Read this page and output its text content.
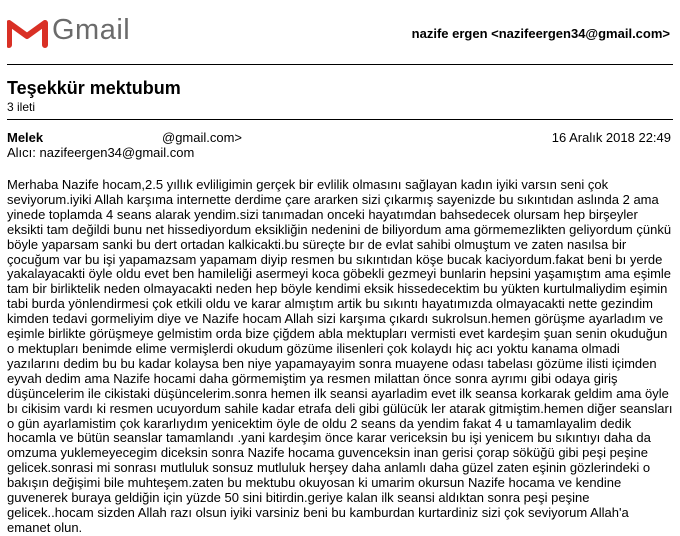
Gmail	nazife ergen <nazifeergen34@gmail.com>
Teşekkür mektubum
3 ileti
Melek	@gmail.com>	16 Aralık 2018 22:49
Alıcı: nazifeergen34@gmail.com

Merhaba Nazife hocam,2.5 yıllık evliligimin gerçek bir evlilik olmasını sağlayan kadın iyiki varsın seni çok seviyorum.iyiki Allah karşıma internette derdime çare ararken sizi çıkarmış sayenizde bu sıkıntıdan aslında 2 ama yinede toplamda 4 seans alarak yendim.sizi tanımadan onceki hayatımdan bahsedecek olursam hep birşeyler eksikti tam değildi bunu net hissediyordum eksikliğin nedenini de biliyordum ama görmemezlikten geliyordum çünkü böyle yaparsam sanki bu dert ortadan kalkicakti.bu süreçte bır de evlat sahibi olmuştum ve zaten nasılsa bir çocuğum var bu işi yapamazsam yapamam diyip resmen bu sıkıntıdan köşe bucak kaciyordum.fakat beni bı yerde yakalayacakti öyle oldu evet ben hamileliği asermeyi koca göbekli gezmeyi bunlarin hepsini yaşamıştım ama eşimle tam bir birliktelik neden olmayacakti neden hep böyle kendimi eksik hissedecektim bu yükten kurtulmaliydim eşimin tabi burda yönlendirmesi çok etkili oldu ve karar almıştım artik bu sıkıntı hayatımızda olmayacakti nette gezindim kimden tedavi gormeliyim diye ve Nazife hocam Allah sizi karşıma çıkardı sukrolsun.hemen görüşme ayarladım ve eşimle birlikte görüşmeye gelmistim orda bize çiğdem abla mektupları vermisti evet kardeşim şuan senin okuduğun o mektupları benimde elime vermişlerdi okudum gözüme ilisenleri çok kolaydı hiç acı yoktu kanama olmadi yazılarını dedim bu bu kadar kolaysa ben niye yapamayayim sonra muayene odası tabelası gözüme ilisti içimden eyvah dedim ama Nazife hocami daha görmemiştim ya resmen milattan önce sonra ayrımı gibi odaya giriş düşüncelerim ile cikistaki düşüncelerim.sonra hemen ilk seansi ayarladim evet ilk seansa korkarak geldim ama öyle bı cikisim vardı ki resmen ucuyordum sahile kadar etrafa deli gibi gülücük ler atarak gitmiştim.hemen diğer seansları o gün ayarlamistim çok kararlıydım yenicektim öyle de oldu 2 seans da yendim fakat 4 u tamamlayalim dedik hocamla ve bütün seanslar tamamlandı .yani kardeşim önce karar vericeksin bu işi yenicem bu sıkıntıyı daha da omzuma yuklemeyecegim diceksin sonra Nazife hocama guvenceksin inan gerisi çorap söküğü gibi peşi peşine gelicek.sonrasi mi sonrası mutluluk sonsuz mutluluk herşey daha anlamlı daha güzel zaten eşinin gözlerindeki o bakışın değişimi bile muhteşem.zaten bu mektubu okuyosan ki umarim okursun Nazife hocama ve kendine guvenerek buraya geldiğin için yüzde 50 sini bitirdin.geriye kalan ilk seansi aldıktan sonra peşi peşine gelicek..hocam sizden Allah razı olsun iyiki varsiniz beni bu kamburdan kurtardiniz sizi çok seviyorum Allah'a emanet olun.
